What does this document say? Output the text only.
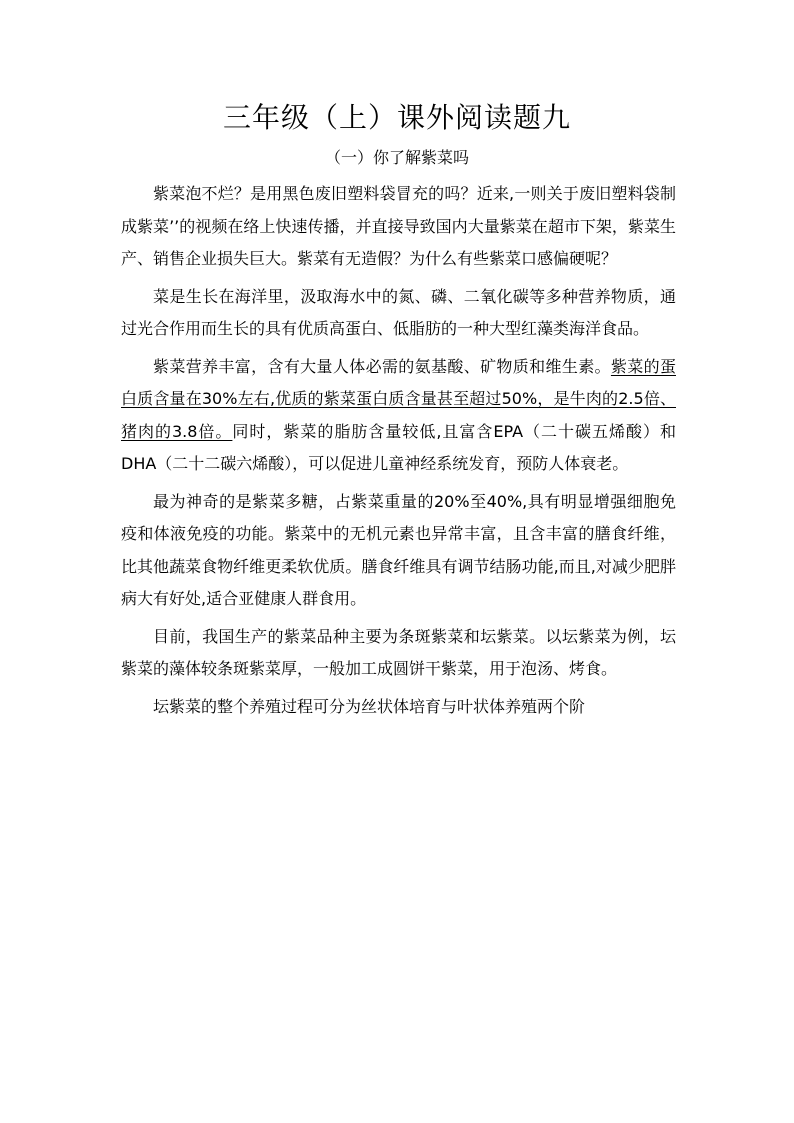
三年级（上）课外阅读题九
（一）你了解紫菜吗

紫菜泡不烂？是用黑色废旧塑料袋冒充的吗？近来,一则关于废旧塑料袋制成紫菜’’的视频在络上快速传播，并直接导致国内大量紫菜在超市下架，紫菜生产、销售企业损失巨大。紫菜有无造假？为什么有些紫菜口感偏硬呢？

菜是生长在海洋里，汲取海水中的氮、磷、二氧化碳等多种营养物质，通过光合作用而生长的具有优质高蛋白、低脂肪的一种大型红藻类海洋食品。

紫菜营养丰富，含有大量人体必需的氨基酸、矿物质和维生素。紫菜的蛋白质含量在30%左右,优质的紫菜蛋白质含量甚至超过50%，是牛肉的2.5倍、猪肉的3.8倍。同时，紫菜的脂肪含量较低,且富含EPA（二十碳五烯酸）和DHA（二十二碳六烯酸），可以促进儿童神经系统发育，预防人体衰老。

最为神奇的是紫菜多糖，占紫菜重量的20%至40%,具有明显增强细胞免疫和体液免疫的功能。紫菜中的无机元素也异常丰富，且含丰富的膳食纤维，比其他蔬菜食物纤维更柔软优质。膳食纤维具有调节结肠功能,而且,对减少肥胖病大有好处,适合亚健康人群食用。

目前，我国生产的紫菜品种主要为条斑紫菜和坛紫菜。以坛紫菜为例，坛紫菜的藻体较条斑紫菜厚，一般加工成圆饼干紫菜，用于泡汤、烤食。

坛紫菜的整个养殖过程可分为丝状体培育与叶状体养殖两个阶
